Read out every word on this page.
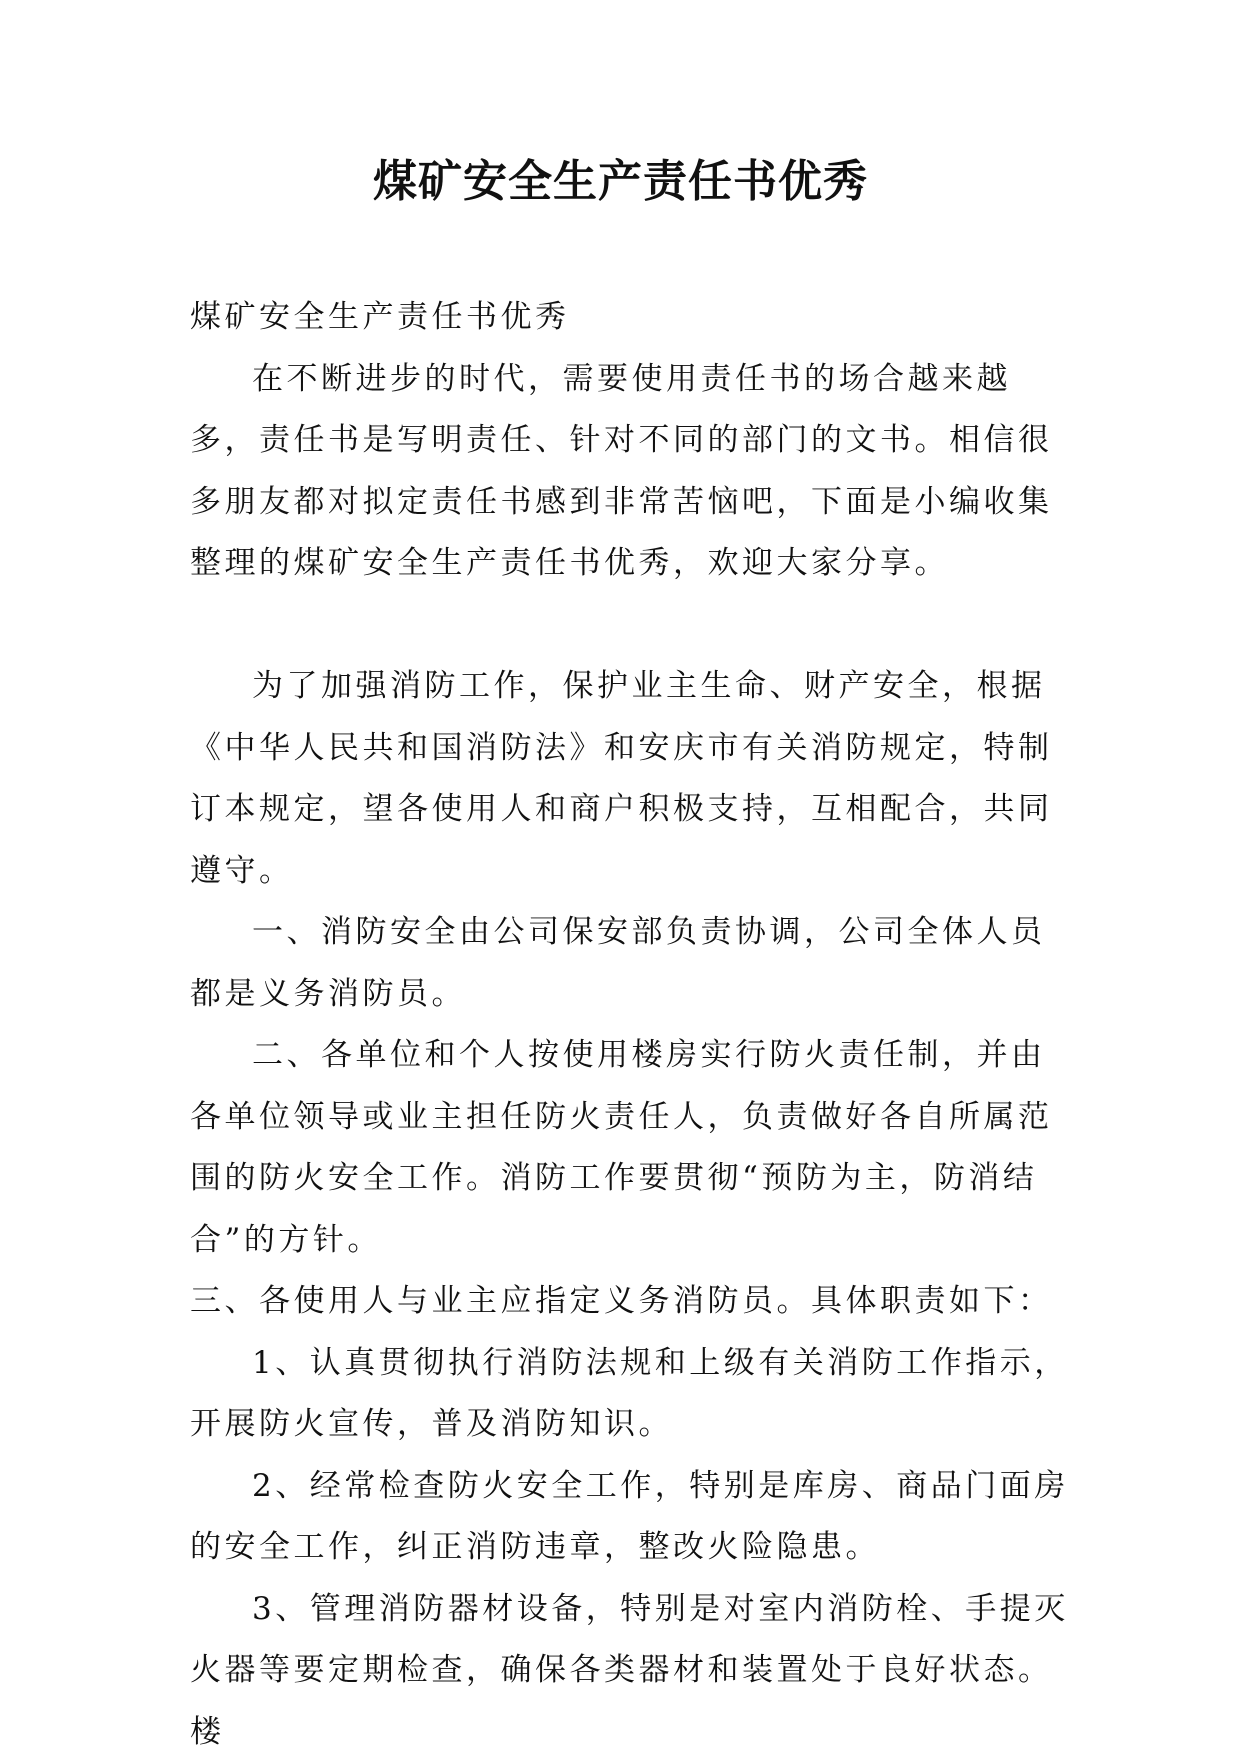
煤矿安全生产责任书优秀

煤矿安全生产责任书优秀

在不断进步的时代，需要使用责任书的场合越来越多，责任书是写明责任、针对不同的部门的文书。相信很多朋友都对拟定责任书感到非常苦恼吧，下面是小编收集整理的煤矿安全生产责任书优秀，欢迎大家分享。

为了加强消防工作，保护业主生命、财产安全，根据《中华人民共和国消防法》和安庆市有关消防规定，特制订本规定，望各使用人和商户积极支持，互相配合，共同遵守。

一、消防安全由公司保安部负责协调，公司全体人员都是义务消防员。

二、各单位和个人按使用楼房实行防火责任制，并由各单位领导或业主担任防火责任人，负责做好各自所属范围的防火安全工作。消防工作要贯彻“预防为主，防消结合”的方针。

三、各使用人与业主应指定义务消防员。具体职责如下：

1、认真贯彻执行消防法规和上级有关消防工作指示，开展防火宣传，普及消防知识。

2、经常检查防火安全工作，特别是库房、商品门面房的安全工作，纠正消防违章，整改火险隐患。

3、管理消防器材设备，特别是对室内消防栓、手提灭火器等要定期检查，确保各类器材和装置处于良好状态。楼
